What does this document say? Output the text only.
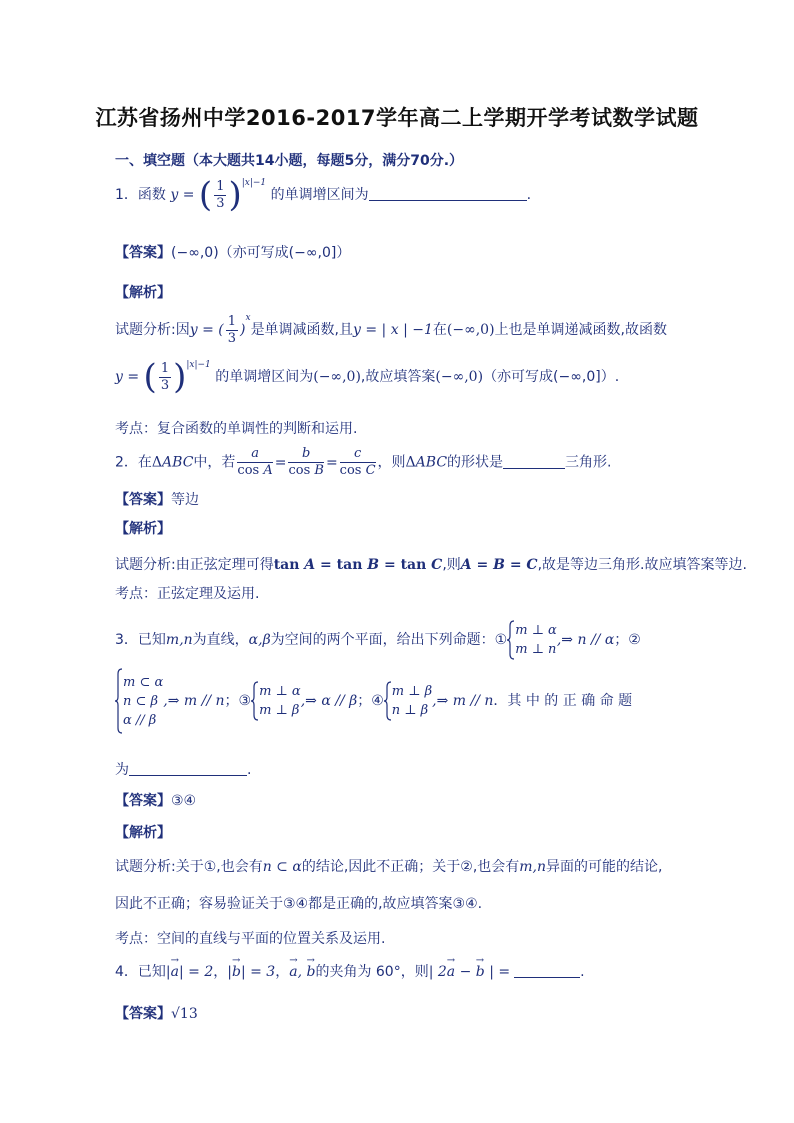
江苏省扬州中学2016-2017学年高二上学期开学考试数学试题
一、填空题（本大题共14小题，每题5分，满分70分.）
1．函数 y = ( $\frac{1}{3} )^{|x|-1}$ 的单调增区间为	.
【答案】(−∞,0)（亦可写成(−∞,0]）
【解析】
试题分析:因y = ( $\frac{1}{3} )^x$是单调减函数,且y = | x | −1在(−∞,0)上也是单调递减函数,故函数
y = ( $\frac{1}{3} )^{|x|-1}$ 的单调增区间为(−∞,0),故应填答案(−∞,0)（亦可写成(−∞,0]）.
考点：复合函数的单调性的判断和运用.
2．在ΔABC中，若 $\frac{a}{\text{cos A}} = \frac{b}{\text{cos B}} = \frac{c}{\text{cos C}}$ ，则ΔABC的形状是	三角形.
【答案】等边
【解析】
试题分析:由正弦定理可得tan A = tan B = tan C,则A = B = C,故是等边三角形.故应填答案等边.
考点：正弦定理及运用.
3．已知m,n为直线，α,β为空间的两个平面，给出下列命题：①
m ⊥ α
m ⊥ n
,⇒ n // α；②
m ⊂ α
n ⊂ β
α // β
,⇒ m // n；③
m ⊥ α
m ⊥ β
,⇒ α // β；④
m ⊥ β
n ⊥ β
,⇒ m // n．其 中 的 正 确 命 题
为	.
【答案】③④
【解析】
试题分析:关于①,也会有n ⊂ α的结论,因此不正确；关于②,也会有m,n异面的可能的结论,
因此不正确；容易验证关于③④都是正确的,故应填答案③④.
考点：空间的直线与平面的位置关系及运用.
4．已知|a
→
| = 2，|b
→
| = 3，a
→
, b
→
的夹角为 60°，则| 2a
→
− b
→
| =	.
【答案】√13
